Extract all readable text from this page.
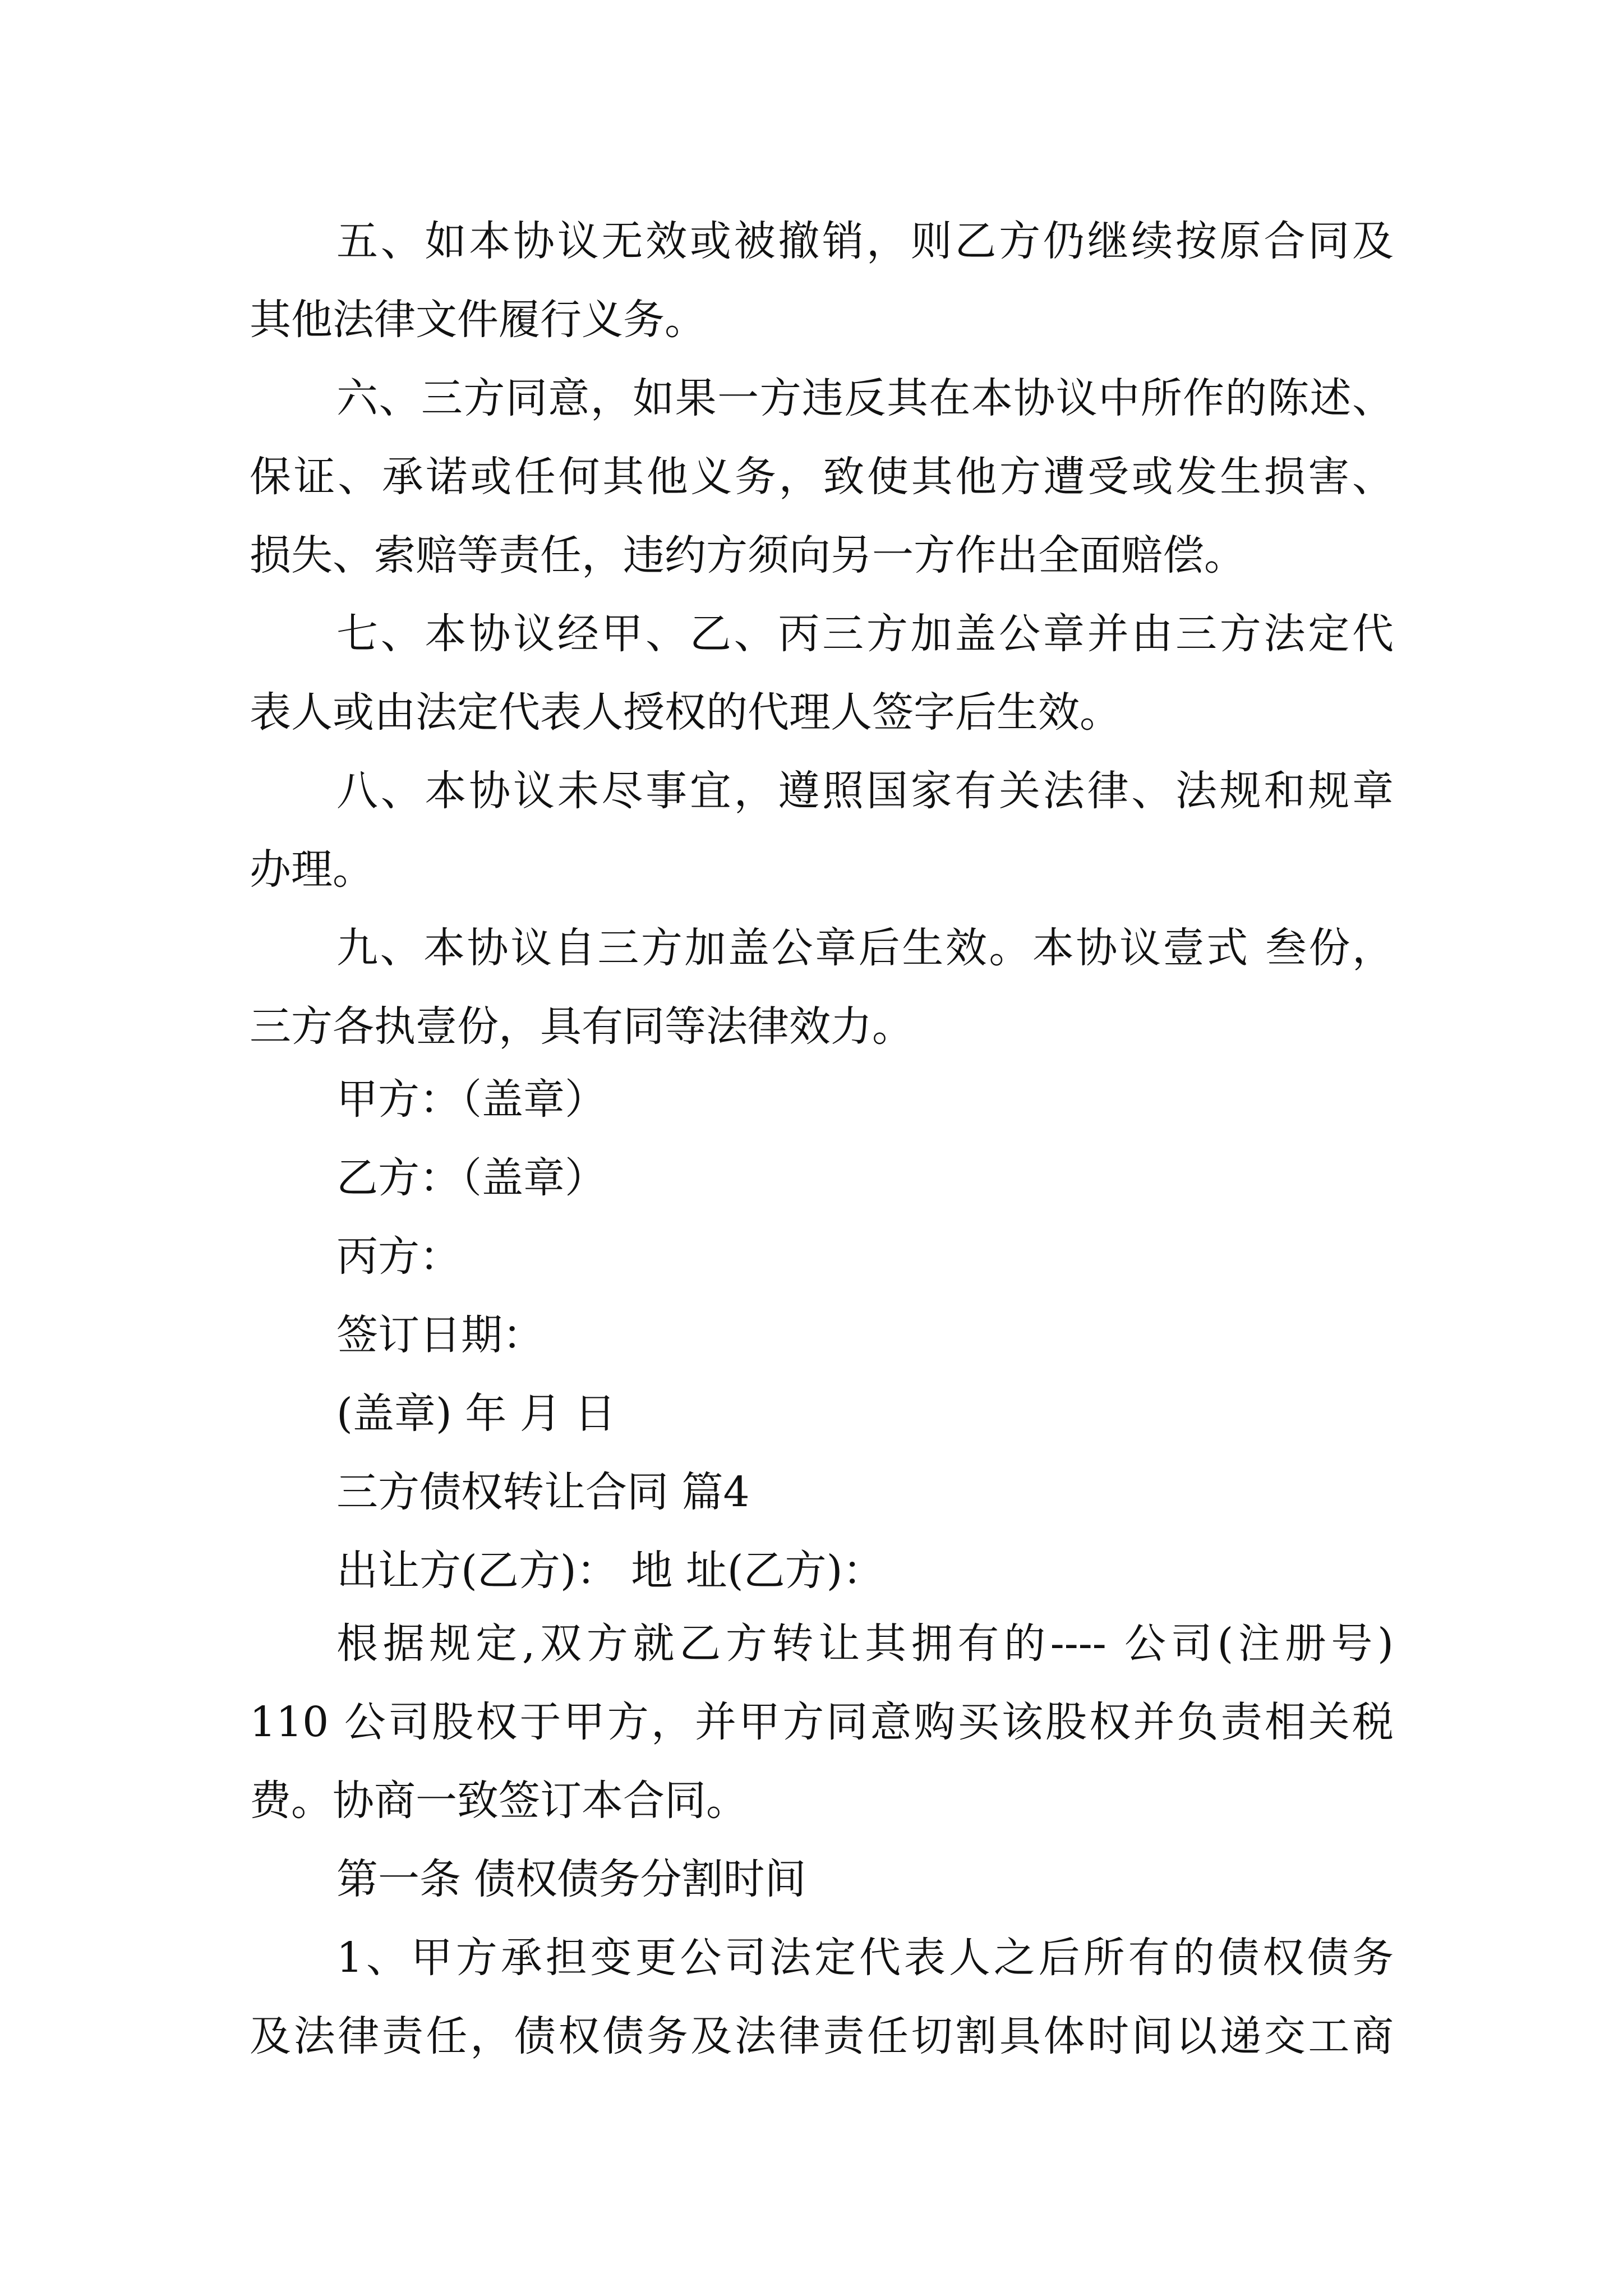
五、如本协议无效或被撤销，则乙方仍继续按原合同及
其他法律文件履行义务。
六、三方同意，如果一方违反其在本协议中所作的陈述、
保证、承诺或任何其他义务，致使其他方遭受或发生损害、
损失、索赔等责任，违约方须向另一方作出全面赔偿。
七、本协议经甲、乙、丙三方加盖公章并由三方法定代
表人或由法定代表人授权的代理人签字后生效。
八、本协议未尽事宜，遵照国家有关法律、法规和规章
办理。
九、本协议自三方加盖公章后生效。本协议壹式 叁份，
三方各执壹份，具有同等法律效力。
甲方：（盖章）
乙方：（盖章）
丙方：
签订日期：
(盖章) 年 月 日
三方债权转让合同 篇4
出让方(乙方)： 地 址(乙方)：
根据规定,双方就乙方转让其拥有的---- 公司(注册号)
110 公司股权于甲方，并甲方同意购买该股权并负责相关税
费。协商一致签订本合同。
第一条 债权债务分割时间
1、甲方承担变更公司法定代表人之后所有的债权债务
及法律责任，债权债务及法律责任切割具体时间以递交工商
